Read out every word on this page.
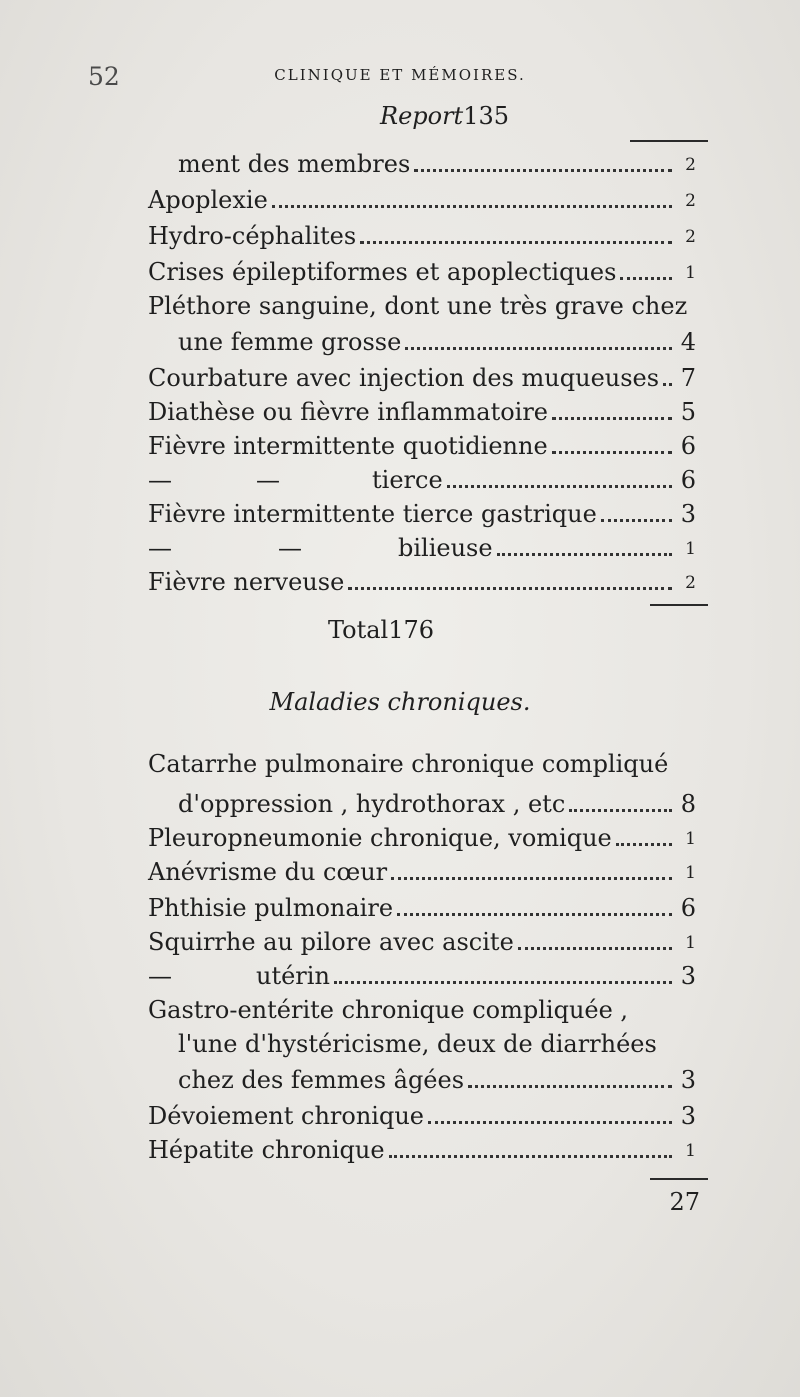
52	CLINIQUE ET MÉMOIRES.
Report 135
ment des membres	2
Apoplexie	2
Hydro-céphalites	2
Crises épileptiformes et apoplectiques	1
Pléthore sanguine, dont une très grave chez
une femme grosse	4
Courbature avec injection des muqueuses 7
Diathèse ou fièvre inflammatoire	5
Fièvre intermittente quotidienne	6
—	—	tierce	6
Fièvre intermittente tierce gastrique	3
—	—	bilieuse	1
Fièvre nerveuse	2
Total 176
Maladies chroniques.
Catarrhe pulmonaire chronique compliqué
d'oppression , hydrothorax , etc	8
Pleuropneumonie chronique, vomique	1
Anévrisme du cœur	1
Phthisie pulmonaire	6
Squirrhe au pilore avec ascite	1
—	utérin	3
Gastro-entérite chronique compliquée ,
l'une d'hystéricisme, deux de diarrhées
chez des femmes âgées	3
Dévoiement chronique	3
Hépatite chronique	1
27
